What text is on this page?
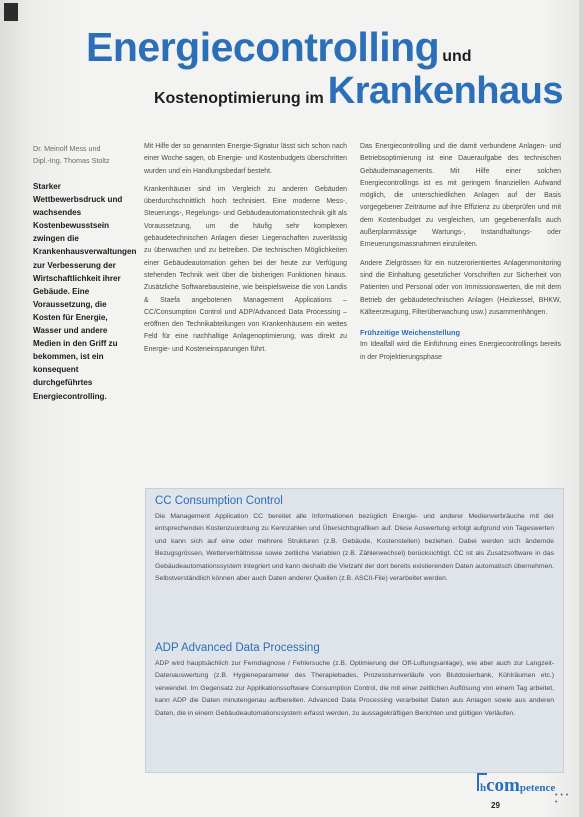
Energiecontrolling und
Kostenoptimierung im Krankenhaus
Dr. Meinolf Mess und
Dipl.-Ing. Thomas Stoltz
Starker Wettbewerbsdruck und wachsendes Kostenbewusstsein zwingen die Krankenhausverwaltungen zur Verbesserung der Wirtschaftlichkeit ihrer Gebäude. Eine Voraussetzung, die Kosten für Energie, Wasser und andere Medien in den Griff zu bekommen, ist ein konsequent durchgeführtes Energiecontrolling.

Mit Hilfe der so genannten Energie-Signatur lässt sich schon nach einer Woche sagen, ob Energie- und Kostenbudgets überschritten wurden und ein Handlungsbedarf besteht.

Krankenhäuser sind im Vergleich zu anderen Gebäuden überdurchschnittlich hoch technisiert. Eine moderne Mess-, Steuerungs-, Regelungs- und Gebäudeautomationstechnik gilt als Voraussetzung, um die häufig sehr komplexen gebäudetechnischen Anlagen dieser Liegenschaften zuverlässig zu überwachen und zu betreiben. Die technischen Möglichkeiten einer Gebäudeautomation gehen bei der heute zur Verfügung stehenden Technik weit über die bisherigen Funktionen hinaus. Zusätzliche Softwarebausteine, wie beispielsweise die von Landis & Staefa angebotenen Management Applications – CC/Consumption Control und ADP/Advanced Data Processing – eröffnen den Technikabteilungen von Krankenhäusern ein weites Feld für eine nachhaltige Anlagenoptimierung, was direkt zu Energie- und Kosteneinsparungen führt.

Das Energiecontrolling und die damit verbundene Anlagen- und Betriebsoptimierung ist eine Daueraufgabe des technischen Gebäudemanagements. Mit Hilfe einer solchen Energiecontrollings ist es mit geringem finanziellen Aufwand möglich, die unterschiedlichen Anlagen auf der Basis vorgegebener Zeiträume auf ihre Effizienz zu überprüfen und mit dem Kostenbudget zu vergleichen, um gegebenenfalls auch außerplanmässige Wartungs-, Instandhaltungs- oder Erneuerungsmassnahmen einzuleiten.

Andere Zielgrössen für ein nutzerorientiertes Anlagenmonitoring sind die Einhaltung gesetzlicher Vorschriften zur Sicherheit von Patienten und Personal oder von Immissionswerten, die mit dem Betrieb der gebäudetechnischen Anlagen (Heizkessel, BHKW, Kälteerzeugung, Filterüberwachung usw.) zusammenhängen.

Frühzeitige Weichenstellung

Im Idealfall wird die Einführung eines Energiecontrollings bereits in der Projektierungsphase

CC Consumption Control

Die Management Application CC bereitet alle Informationen bezüglich Energie- und anderer Medienverbräuche mit der entsprechenden Kostenzuordnung zu Kennzahlen und Übersichtsgrafiken auf. Diese Auswertung erfolgt aufgrund von Tageswerten und kann sich auf eine oder mehrere Strukturen (z.B. Gebäude, Kostenstellen) beziehen. Dabei werden sich ändernde Bezugsgrössen, Wetterverhältnisse sowie zeitliche Variablen (z.B. Zählerwechsel) berücksichtigt. CC ist als Zusatzsoftware in das Gebäudeautomationssystem integriert und kann deshalb die Vielzahl der dort bereits existierenden Daten automatisch übernehmen. Selbstverständlich können aber auch Daten anderer Quellen (z.B. ASCII-File) verarbeitet werden.

ADP Advanced Data Processing

ADP wird hauptsächlich zur Ferndiagnose / Fehlersuche (z.B. Optimierung der Off-Luftungsanlage), wie aber auch zur Langzeit-Datenauswertung (z.B. Hygieneparameter des Therapiebades, Prozessturnverläufe von Blutdosierbank, Kühlräumen etc.) verwendet. Im Gegensatz zur Applikationssoftware Consumption Control, die mit einer zeitlichen Auflösung von einem Tag arbeitet, kann ADP die Daten minutengenau aufbereiten. Advanced Data Processing verarbeitet Daten aus Anlagen sowie aus anderen Daten, die in einem Gebäudeautomationssystem erfasst werden, zu aussagekräftigen Berichten und gültigen Verläufen.

hcompetence
• • • •
29
